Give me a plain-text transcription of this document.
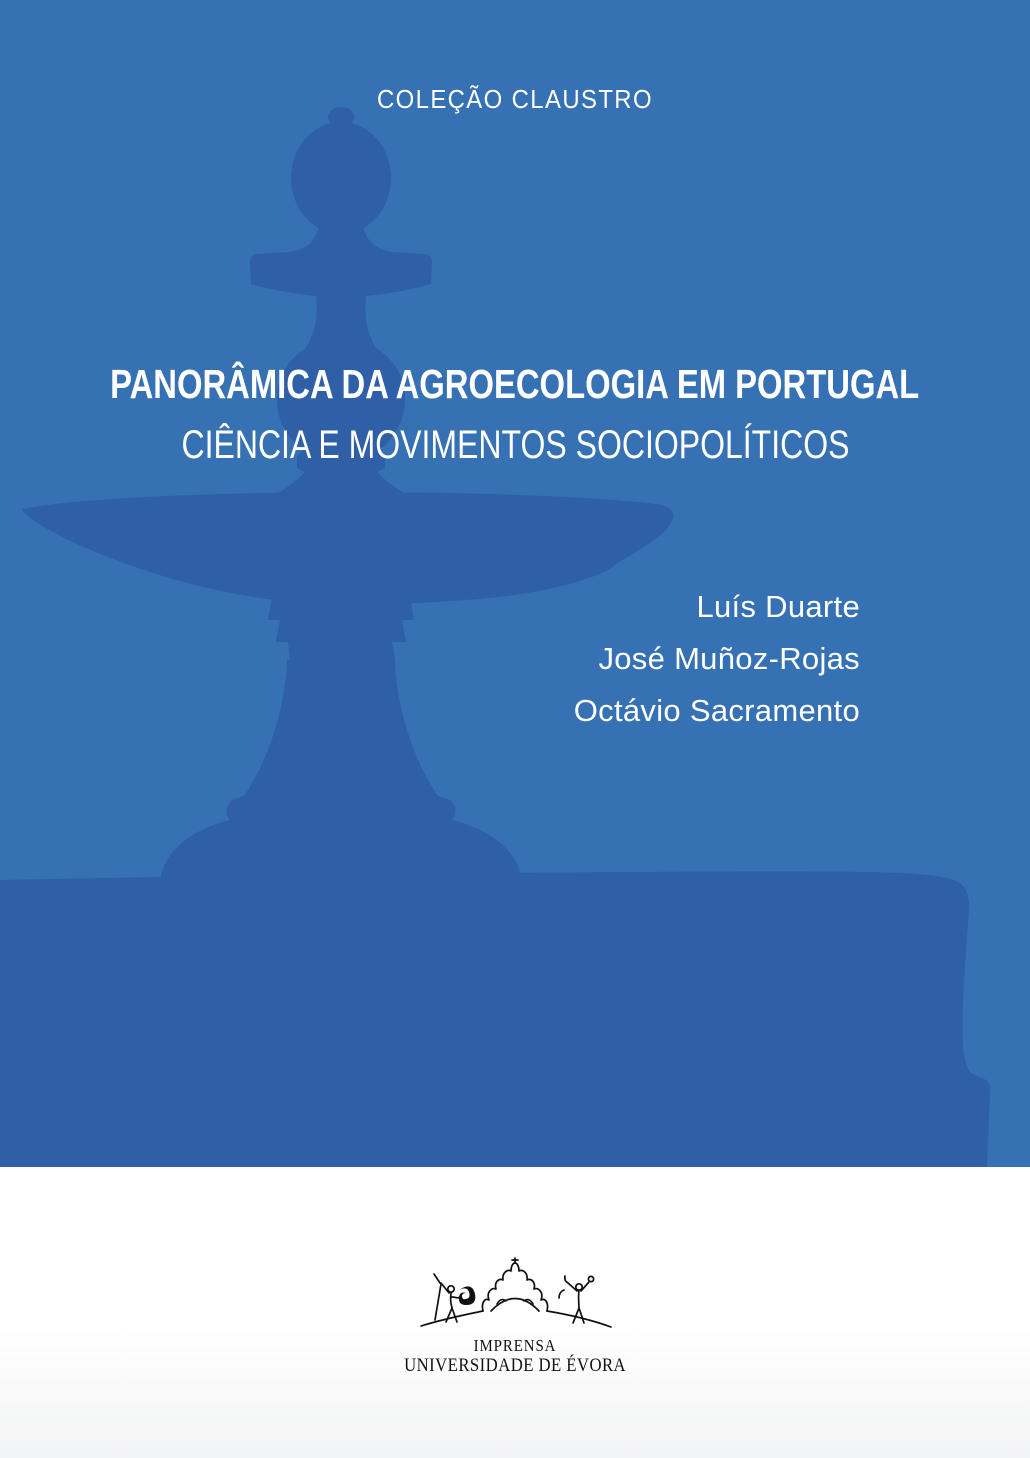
COLEÇÃO CLAUSTRO
PANORÂMICA DA AGROECOLOGIA EM PORTUGAL
CIÊNCIA E MOVIMENTOS SOCIOPOLÍTICOS
Luís Duarte
José Muñoz-Rojas
Octávio Sacramento
IMPRENSA
UNIVERSIDADE DE ÉVORA
